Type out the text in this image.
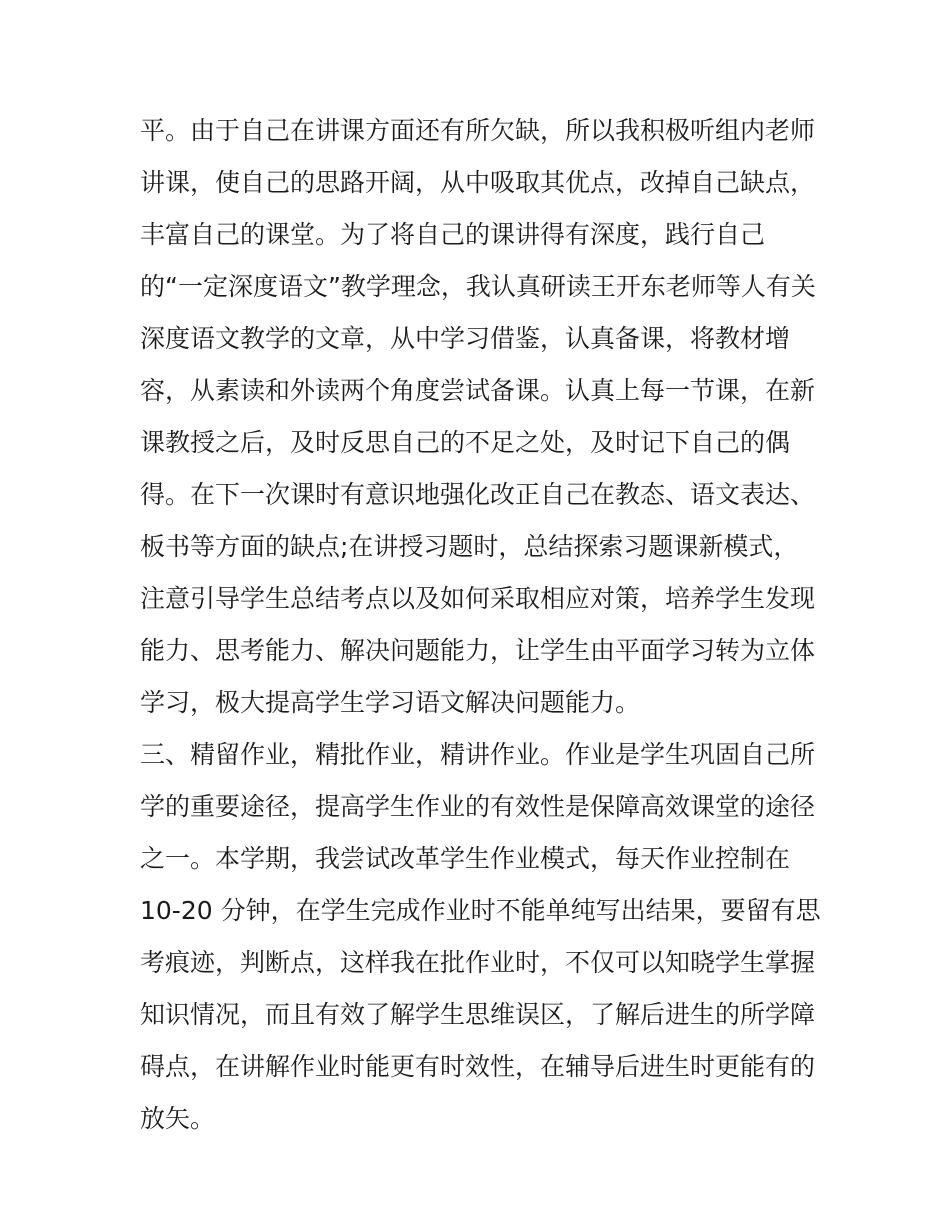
平。由于自己在讲课方面还有所欠缺，所以我积极听组内老师
讲课，使自己的思路开阔，从中吸取其优点，改掉自己缺点，
丰富自己的课堂。为了将自己的课讲得有深度，践行自己
的“一定深度语文”教学理念，我认真研读王开东老师等人有关
深度语文教学的文章，从中学习借鉴，认真备课，将教材增
容，从素读和外读两个角度尝试备课。认真上每一节课，在新
课教授之后，及时反思自己的不足之处，及时记下自己的偶
得。在下一次课时有意识地强化改正自己在教态、语文表达、
板书等方面的缺点;在讲授习题时，总结探索习题课新模式，
注意引导学生总结考点以及如何采取相应对策，培养学生发现
能力、思考能力、解决问题能力，让学生由平面学习转为立体
学习，极大提高学生学习语文解决问题能力。
三、精留作业，精批作业，精讲作业。作业是学生巩固自己所
学的重要途径，提高学生作业的有效性是保障高效课堂的途径
之一。本学期，我尝试改革学生作业模式，每天作业控制在
10-20 分钟，在学生完成作业时不能单纯写出结果，要留有思
考痕迹，判断点，这样我在批作业时，不仅可以知晓学生掌握
知识情况，而且有效了解学生思维误区，了解后进生的所学障
碍点，在讲解作业时能更有时效性，在辅导后进生时更能有的
放矢。
